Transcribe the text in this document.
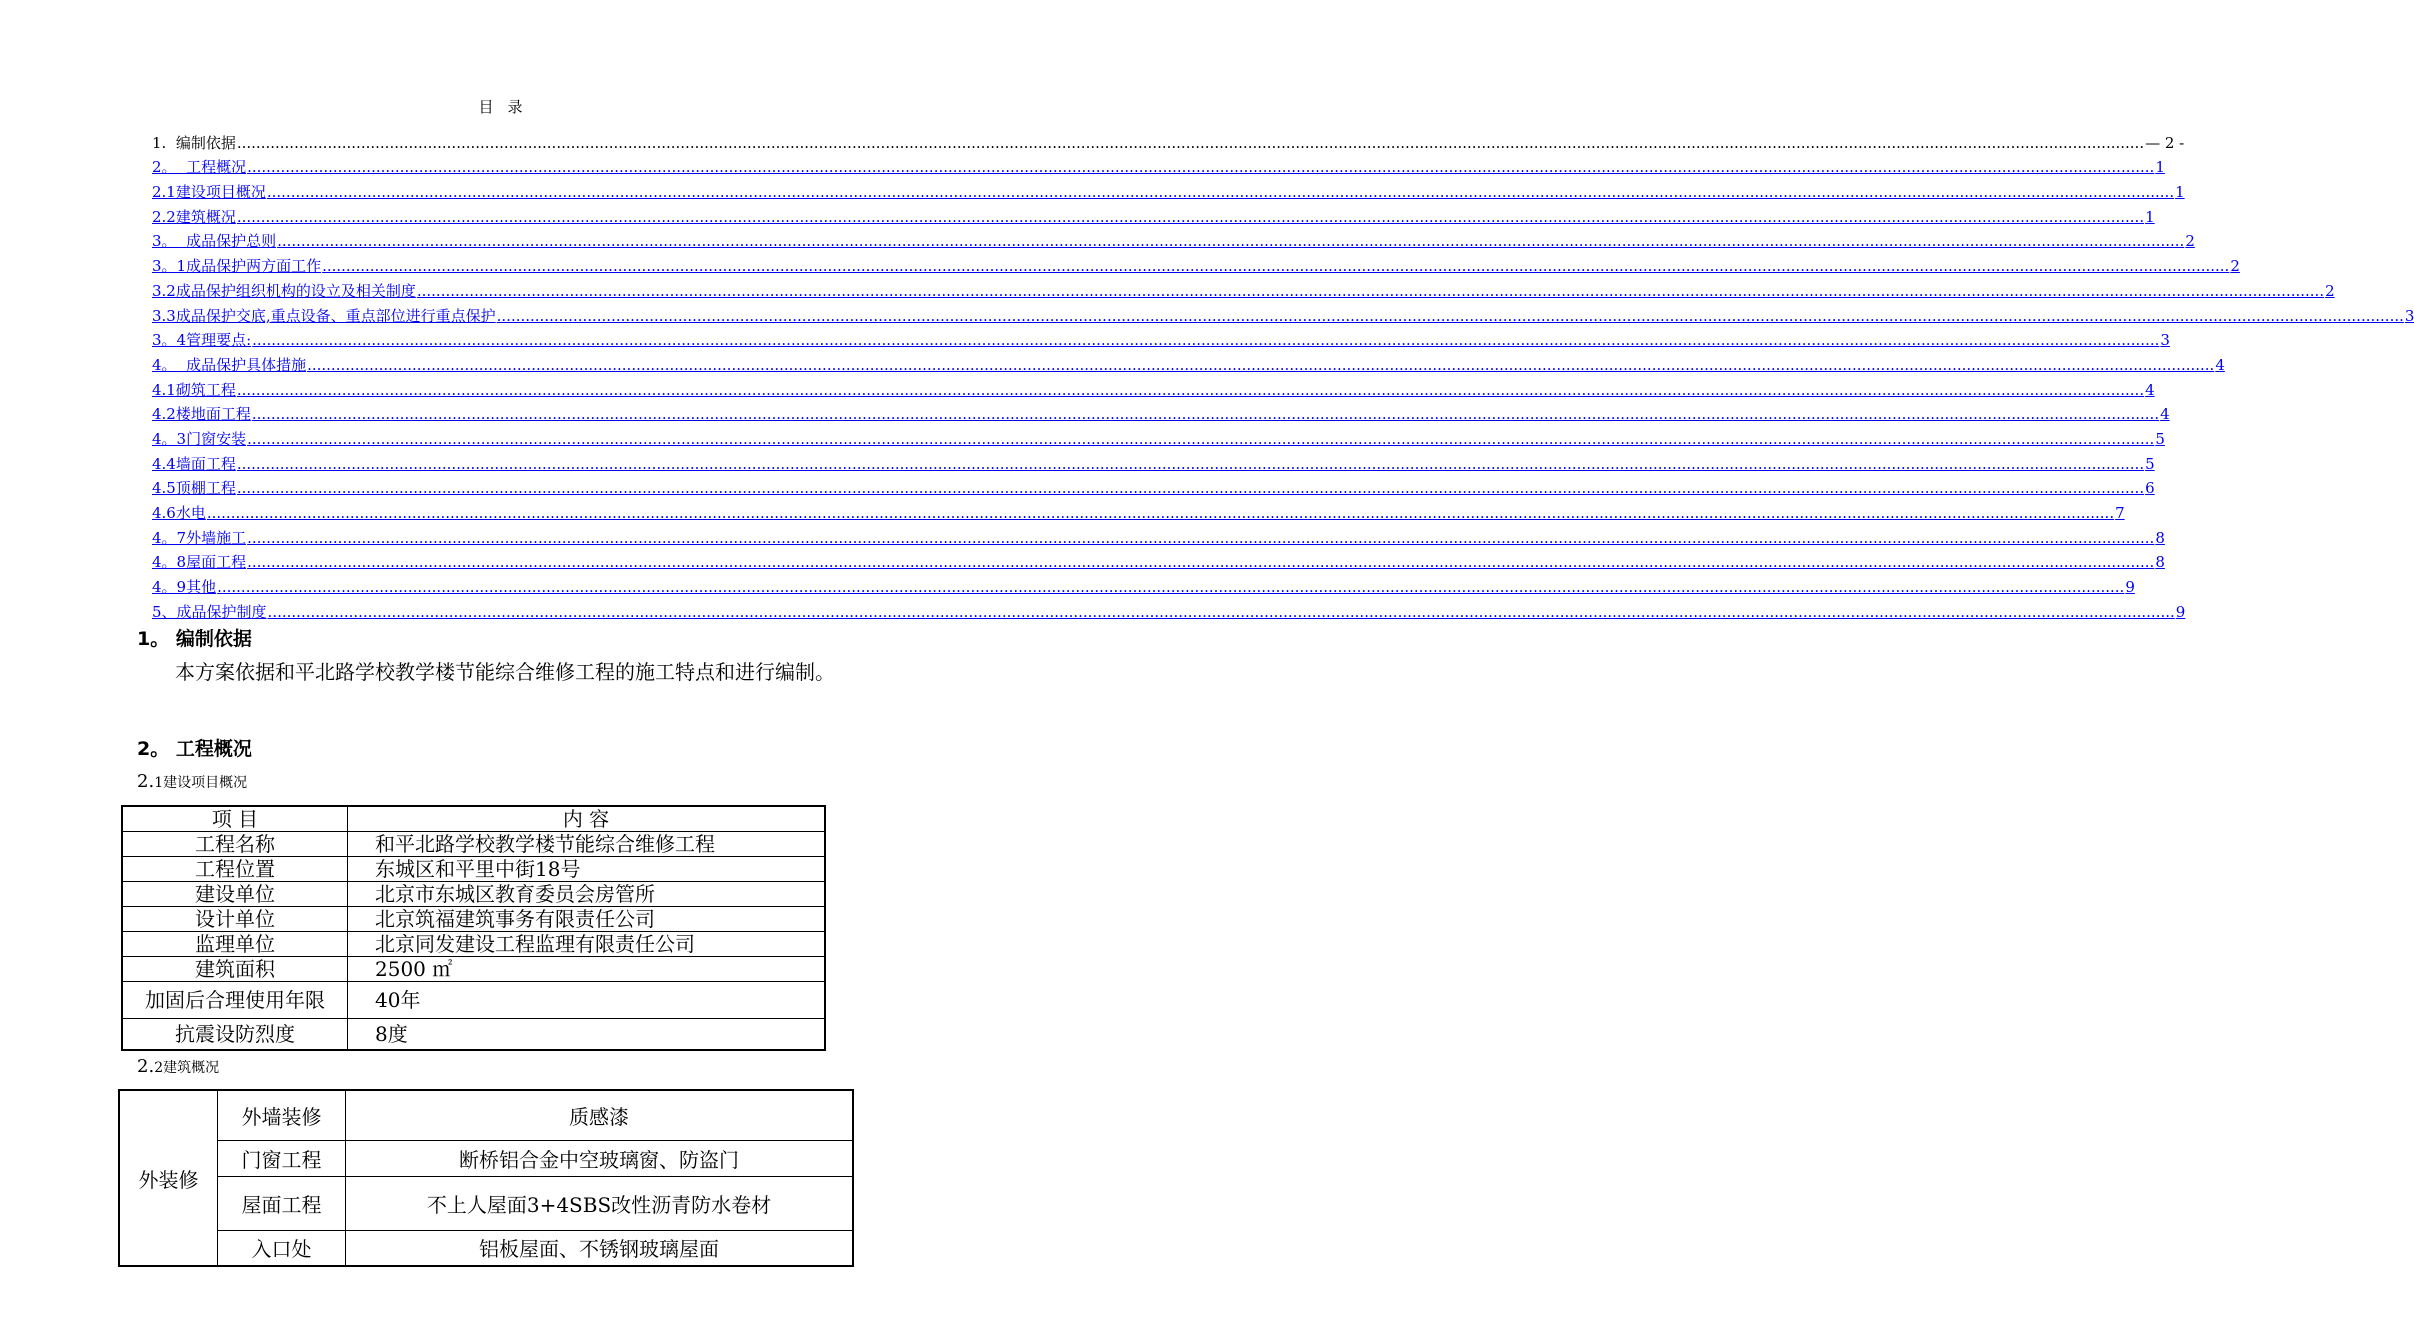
目录
1.  编制依据 ................................................................................................................................................................................................................................................................................................................................................................................................................ — 2 -
2。  工程概况 ................................................................................................................................................................................................................................................................................................................................................................................................................ 1
2.1建设项目概况 ................................................................................................................................................................................................................................................................................................................................................................................................................ 1
2.2建筑概况 ................................................................................................................................................................................................................................................................................................................................................................................................................ 1
3。  成品保护总则 ................................................................................................................................................................................................................................................................................................................................................................................................................ 2
3。1成品保护两方面工作 ................................................................................................................................................................................................................................................................................................................................................................................................................ 2
3.2成品保护组织机构的设立及相关制度 ................................................................................................................................................................................................................................................................................................................................................................................................................ 2
3.3成品保护交底,重点设备、重点部位进行重点保护 ................................................................................................................................................................................................................................................................................................................................................................................................................ 3
3。4管理要点: ................................................................................................................................................................................................................................................................................................................................................................................................................ 3
4。  成品保护具体措施 ................................................................................................................................................................................................................................................................................................................................................................................................................ 4
4.1砌筑工程 ................................................................................................................................................................................................................................................................................................................................................................................................................ 4
4.2楼地面工程 ................................................................................................................................................................................................................................................................................................................................................................................................................ 4
4。3门窗安装 ................................................................................................................................................................................................................................................................................................................................................................................................................ 5
4.4墙面工程 ................................................................................................................................................................................................................................................................................................................................................................................................................ 5
4.5顶棚工程 ................................................................................................................................................................................................................................................................................................................................................................................................................ 6
4.6水电 ................................................................................................................................................................................................................................................................................................................................................................................................................ 7
4。7外墙施工 ................................................................................................................................................................................................................................................................................................................................................................................................................ 8
4。8屋面工程 ................................................................................................................................................................................................................................................................................................................................................................................................................ 8
4。9其他 ................................................................................................................................................................................................................................................................................................................................................................................................................ 9
5、成品保护制度 ................................................................................................................................................................................................................................................................................................................................................................................................................ 9
1。 编制依据
本方案依据和平北路学校教学楼节能综合维修工程的施工特点和进行编制。
2。 工程概况
2.1建设项目概况
项 目	内 容
工程名称	和平北路学校教学楼节能综合维修工程
工程位置	东城区和平里中街18号
建设单位	北京市东城区教育委员会房管所
设计单位	北京筑福建筑事务有限责任公司
监理单位	北京同发建设工程监理有限责任公司
建筑面积	2500 ㎡
加固后合理使用年限	40年
抗震设防烈度	8度
2.2建筑概况
外装修	外墙装修	质感漆
	门窗工程	断桥铝合金中空玻璃窗、防盗门
	屋面工程	不上人屋面3+4SBS改性沥青防水卷材
	入口处	铝板屋面、不锈钢玻璃屋面
